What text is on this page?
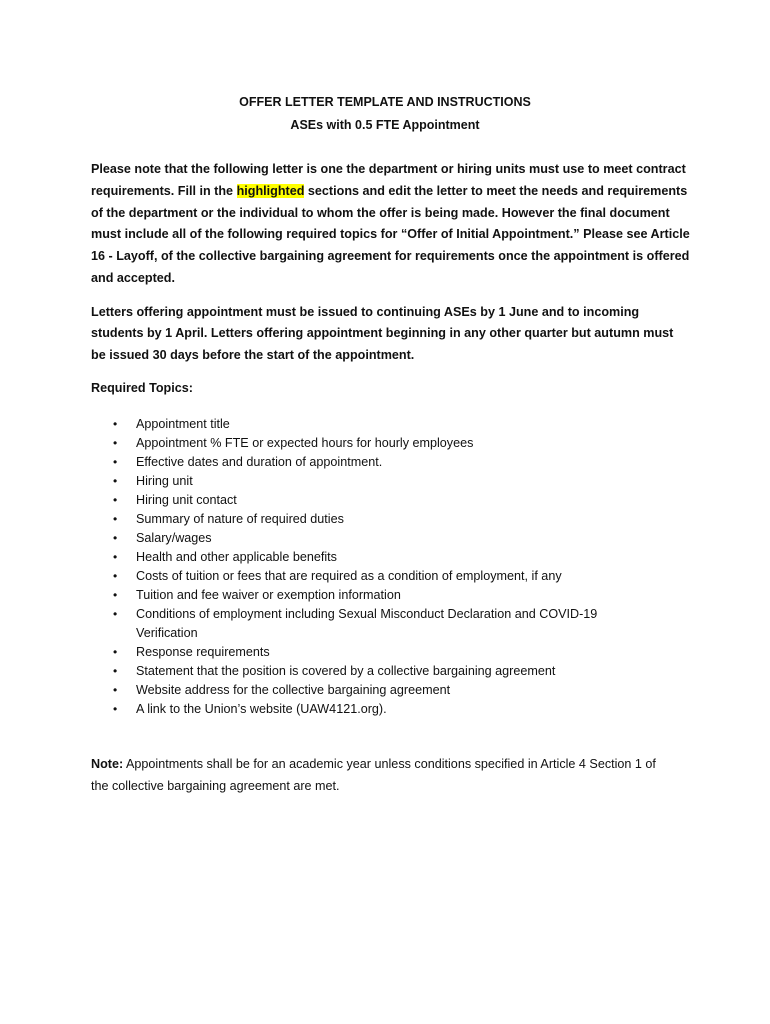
OFFER LETTER TEMPLATE AND INSTRUCTIONS
ASEs with 0.5 FTE Appointment

Please note that the following letter is one the department or hiring units must use to meet contract requirements. Fill in the highlighted sections and edit the letter to meet the needs and requirements of the department or the individual to whom the offer is being made. However the final document must include all of the following required topics for “Offer of Initial Appointment.” Please see Article 16 - Layoff, of the collective bargaining agreement for requirements once the appointment is offered and accepted.

Letters offering appointment must be issued to continuing ASEs by 1 June and to incoming students by 1 April. Letters offering appointment beginning in any other quarter but autumn must be issued 30 days before the start of the appointment.

Required Topics:
• Appointment title
• Appointment % FTE or expected hours for hourly employees
• Effective dates and duration of appointment.
• Hiring unit
• Hiring unit contact
• Summary of nature of required duties
• Salary/wages
• Health and other applicable benefits
• Costs of tuition or fees that are required as a condition of employment, if any
• Tuition and fee waiver or exemption information
• Conditions of employment including Sexual Misconduct Declaration and COVID-19 Verification
• Response requirements
• Statement that the position is covered by a collective bargaining agreement
• Website address for the collective bargaining agreement
• A link to the Union’s website (UAW4121.org).

Note: Appointments shall be for an academic year unless conditions specified in Article 4 Section 1 of the collective bargaining agreement are met.
